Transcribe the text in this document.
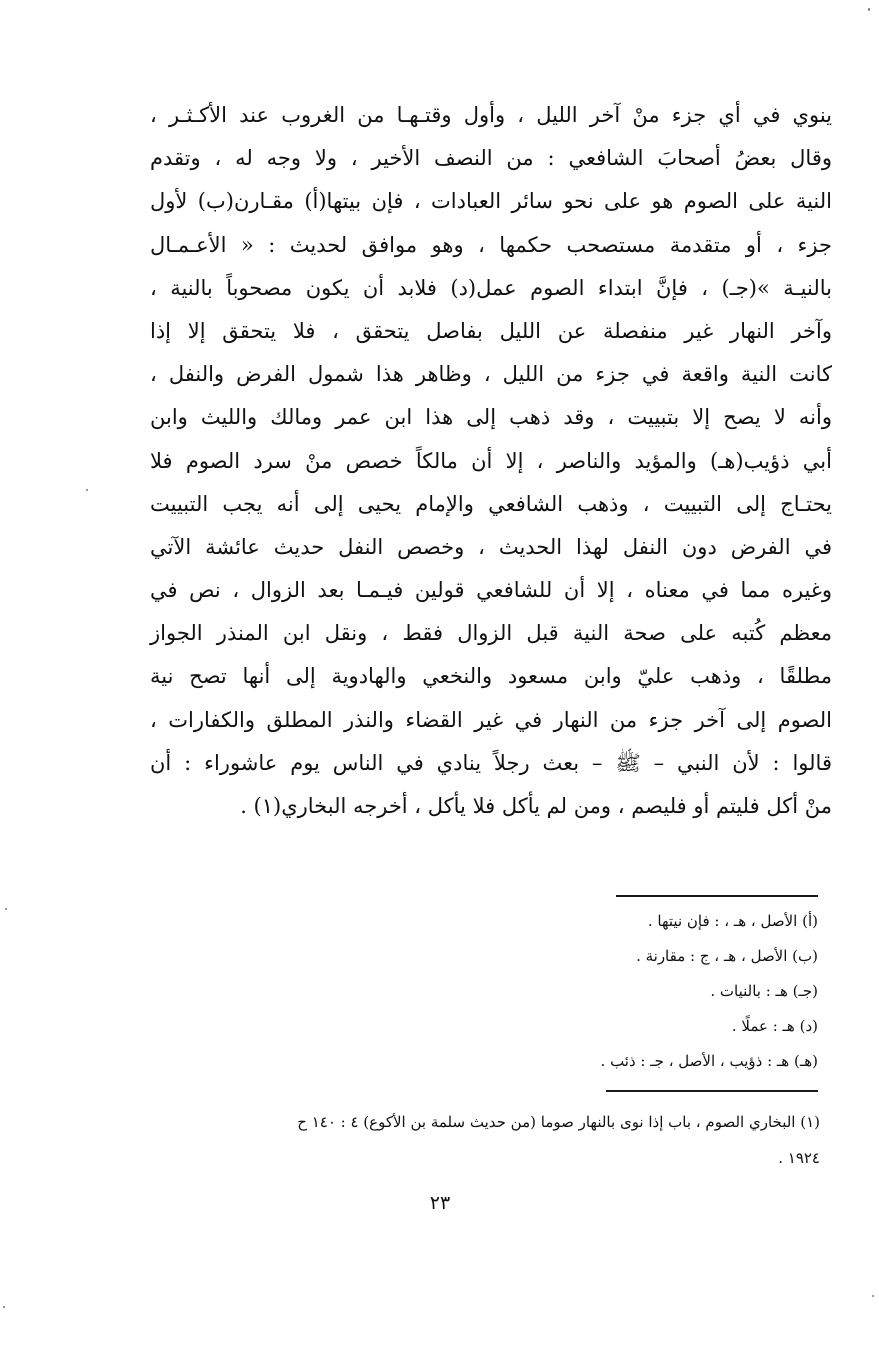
ينوي في أي جزء منْ آخر الليل ، وأول وقتـهـا من الغروب عند الأكـثـر ،
وقال بعضُ أصحابَ الشافعي : من النصف الأخير ، ولا وجه له ، وتقدم
النية على الصوم هو على نحو سائر العبادات ، فإن بيتها(أ) مقـارن(ب) لأول
جزء ، أو متقدمة مستصحب حكمها ، وهو موافق لحديث : « الأعـمـال
بالنيـة »(جـ) ، فإنَّ ابتداء الصوم عمل(د) فلابد أن يكون مصحوباً بالنية ،
وآخر النهار غير منفصلة عن الليل بفاصل يتحقق ، فلا يتحقق إلا إذا
كانت النية واقعة في جزء من الليل ، وظاهر هذا شمول الفرض والنفل ،
وأنه لا يصح إلا بتبييت ، وقد ذهب إلى هذا ابن عمر ومالك والليث وابن
أبي ذؤيب(هـ) والمؤيد والناصر ، إلا أن مالكاً خصص منْ سرد الصوم فلا
يحتـاج إلى التبييت ، وذهب الشافعي والإمام يحيى إلى أنه يجب التبييت
في الفرض دون النفل لهذا الحديث ، وخصص النفل حديث عائشة الآتي
وغيره مما في معناه ، إلا أن للشافعي قولين فيـمـا بعد الزوال ، نص في
معظم كُتبه على صحة النية قبل الزوال فقط ، ونقل ابن المنذر الجواز
مطلقًا ، وذهب عليّ وابن مسعود والنخعي والهادوية إلى أنها تصح نية
الصوم إلى آخر جزء من النهار في غير القضاء والنذر المطلق والكفارات ،
قالوا : لأن النبي – ﷺ – بعث رجلاً ينادي في الناس يوم عاشوراء : أن
منْ أكل فليتم أو فليصم ، ومن لم يأكل فلا يأكل ، أخرجه البخاري(١) .
(أ) الأصل ، هـ ، : فإن نيتها .
(ب) الأصل ، هـ ، ج : مقارنة .
(جـ) هـ : بالنيات .
(د) هـ : عملًا .
(هـ) هـ : ذؤيب ، الأصل ، جـ : ذئب .
(١) البخاري الصوم ، باب إذا نوى بالنهار صوما (من حديث سلمة بن الأكوع) ٤ : ١٤٠ ح
١٩٢٤ .
٢٣
